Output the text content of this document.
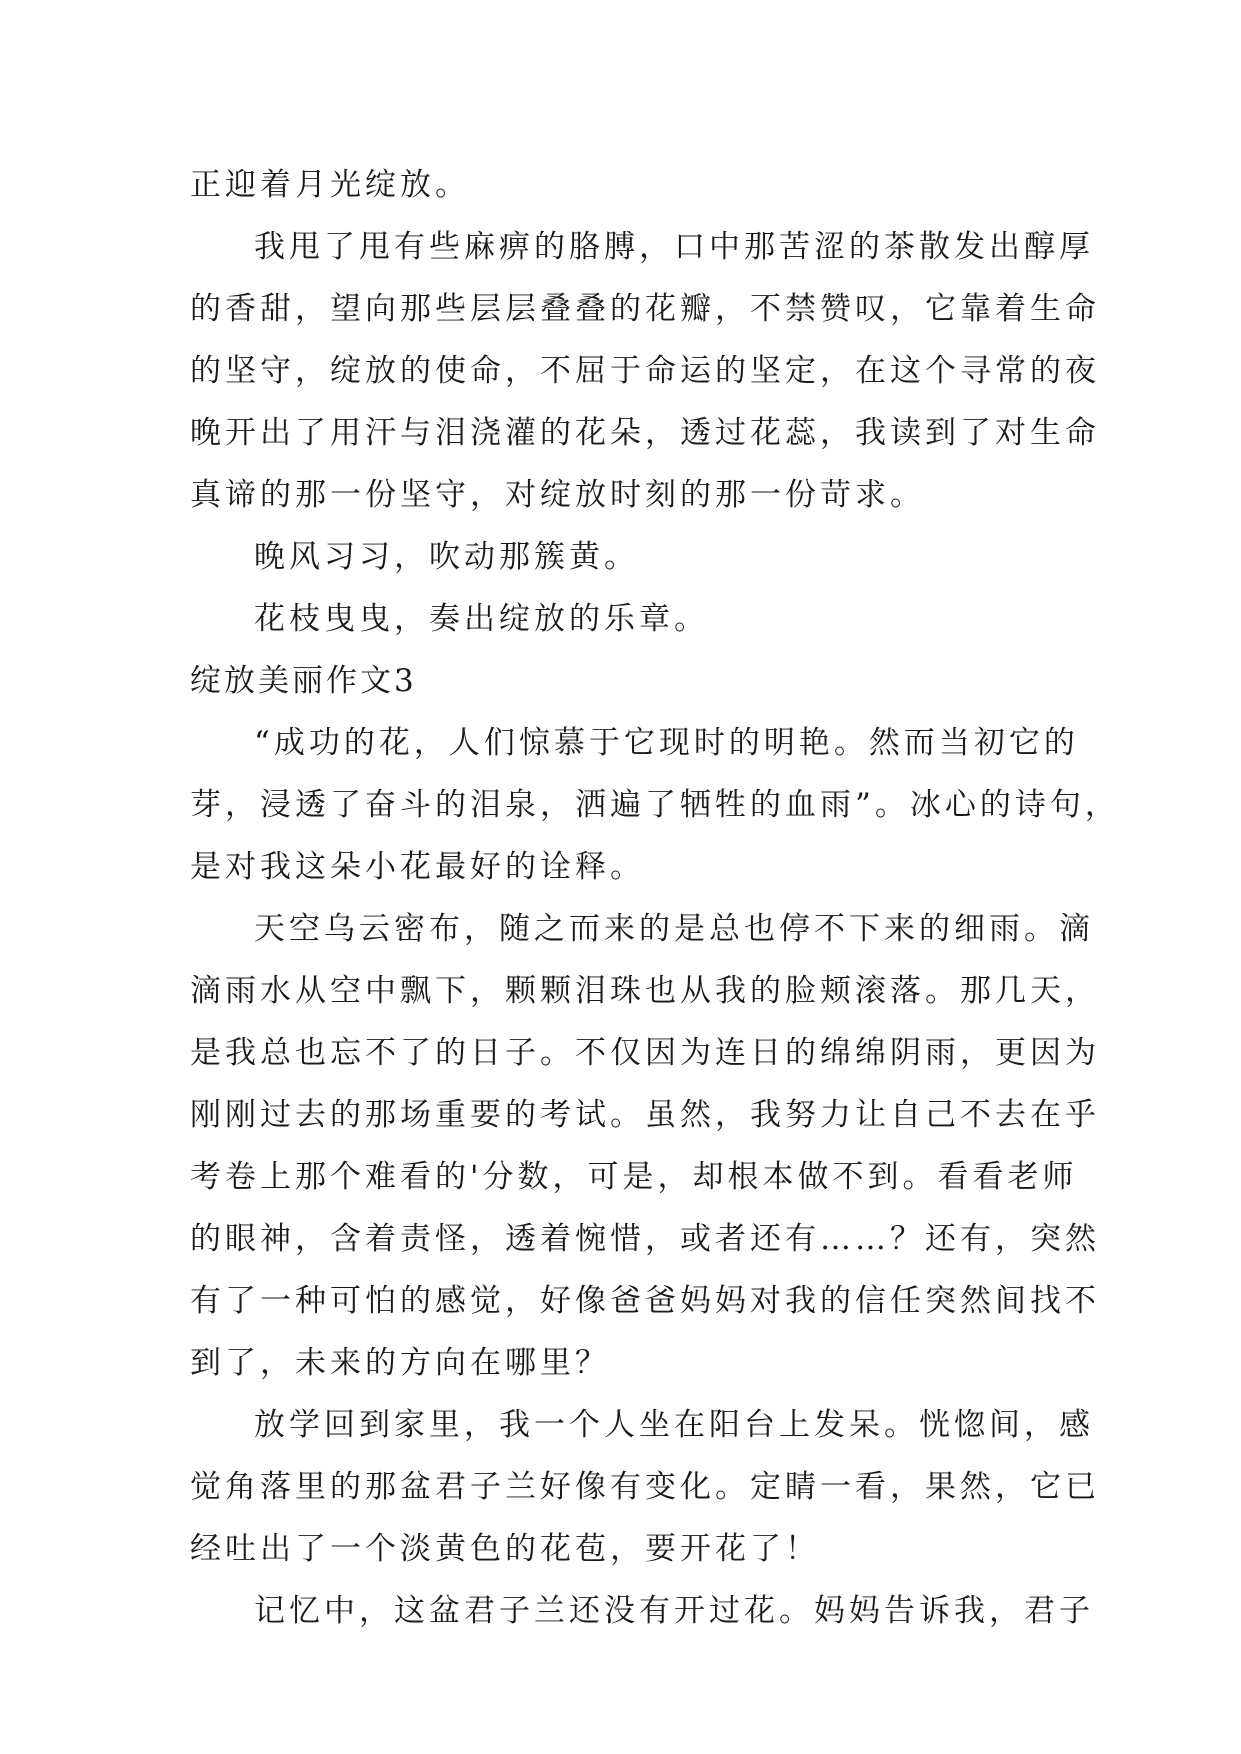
正迎着月光绽放。
我甩了甩有些麻痹的胳膊，口中那苦涩的茶散发出醇厚
的香甜，望向那些层层叠叠的花瓣，不禁赞叹，它靠着生命
的坚守，绽放的使命，不屈于命运的坚定，在这个寻常的夜
晚开出了用汗与泪浇灌的花朵，透过花蕊，我读到了对生命
真谛的那一份坚守，对绽放时刻的那一份苛求。
晚风习习，吹动那簇黄。
花枝曳曳，奏出绽放的乐章。
绽放美丽作文3
“成功的花，人们惊慕于它现时的明艳。然而当初它的
芽，浸透了奋斗的泪泉，洒遍了牺牲的血雨”。冰心的诗句，
是对我这朵小花最好的诠释。
天空乌云密布，随之而来的是总也停不下来的细雨。滴
滴雨水从空中飘下，颗颗泪珠也从我的脸颊滚落。那几天，
是我总也忘不了的日子。不仅因为连日的绵绵阴雨，更因为
刚刚过去的那场重要的考试。虽然，我努力让自己不去在乎
考卷上那个难看的'分数，可是，却根本做不到。看看老师
的眼神，含着责怪，透着惋惜，或者还有……？还有，突然
有了一种可怕的感觉，好像爸爸妈妈对我的信任突然间找不
到了，未来的方向在哪里？
放学回到家里，我一个人坐在阳台上发呆。恍惚间，感
觉角落里的那盆君子兰好像有变化。定睛一看，果然，它已
经吐出了一个淡黄色的花苞，要开花了！
记忆中，这盆君子兰还没有开过花。妈妈告诉我，君子
